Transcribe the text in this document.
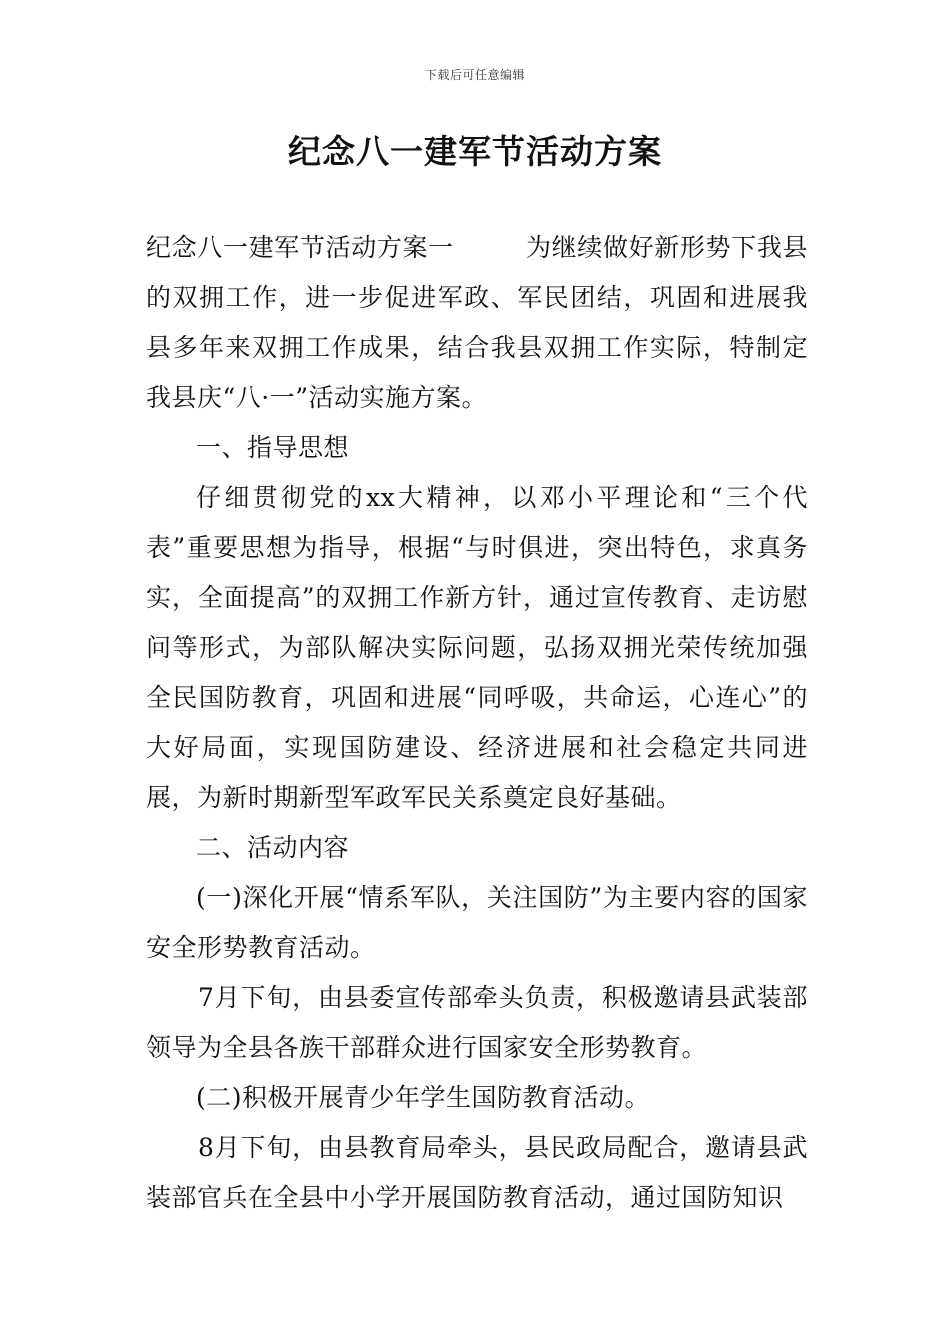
下载后可任意编辑
纪念八一建军节活动方案

纪念八一建军节活动方案一	为继续做好新形势下我县的双拥工作，进一步促进军政、军民团结，巩固和进展我县多年来双拥工作成果，结合我县双拥工作实际，特制定我县庆“八·一”活动实施方案。

一、指导思想

仔细贯彻党的xx大精神，以邓小平理论和“三个代表”重要思想为指导，根据“与时俱进，突出特色，求真务实，全面提高”的双拥工作新方针，通过宣传教育、走访慰问等形式，为部队解决实际问题，弘扬双拥光荣传统加强全民国防教育，巩固和进展“同呼吸，共命运，心连心”的大好局面，实现国防建设、经济进展和社会稳定共同进展，为新时期新型军政军民关系奠定良好基础。

二、活动内容

(一)深化开展“情系军队，关注国防”为主要内容的国家安全形势教育活动。

7月下旬，由县委宣传部牵头负责，积极邀请县武装部领导为全县各族干部群众进行国家安全形势教育。

(二)积极开展青少年学生国防教育活动。

8月下旬，由县教育局牵头，县民政局配合，邀请县武装部官兵在全县中小学开展国防教育活动，通过国防知识
